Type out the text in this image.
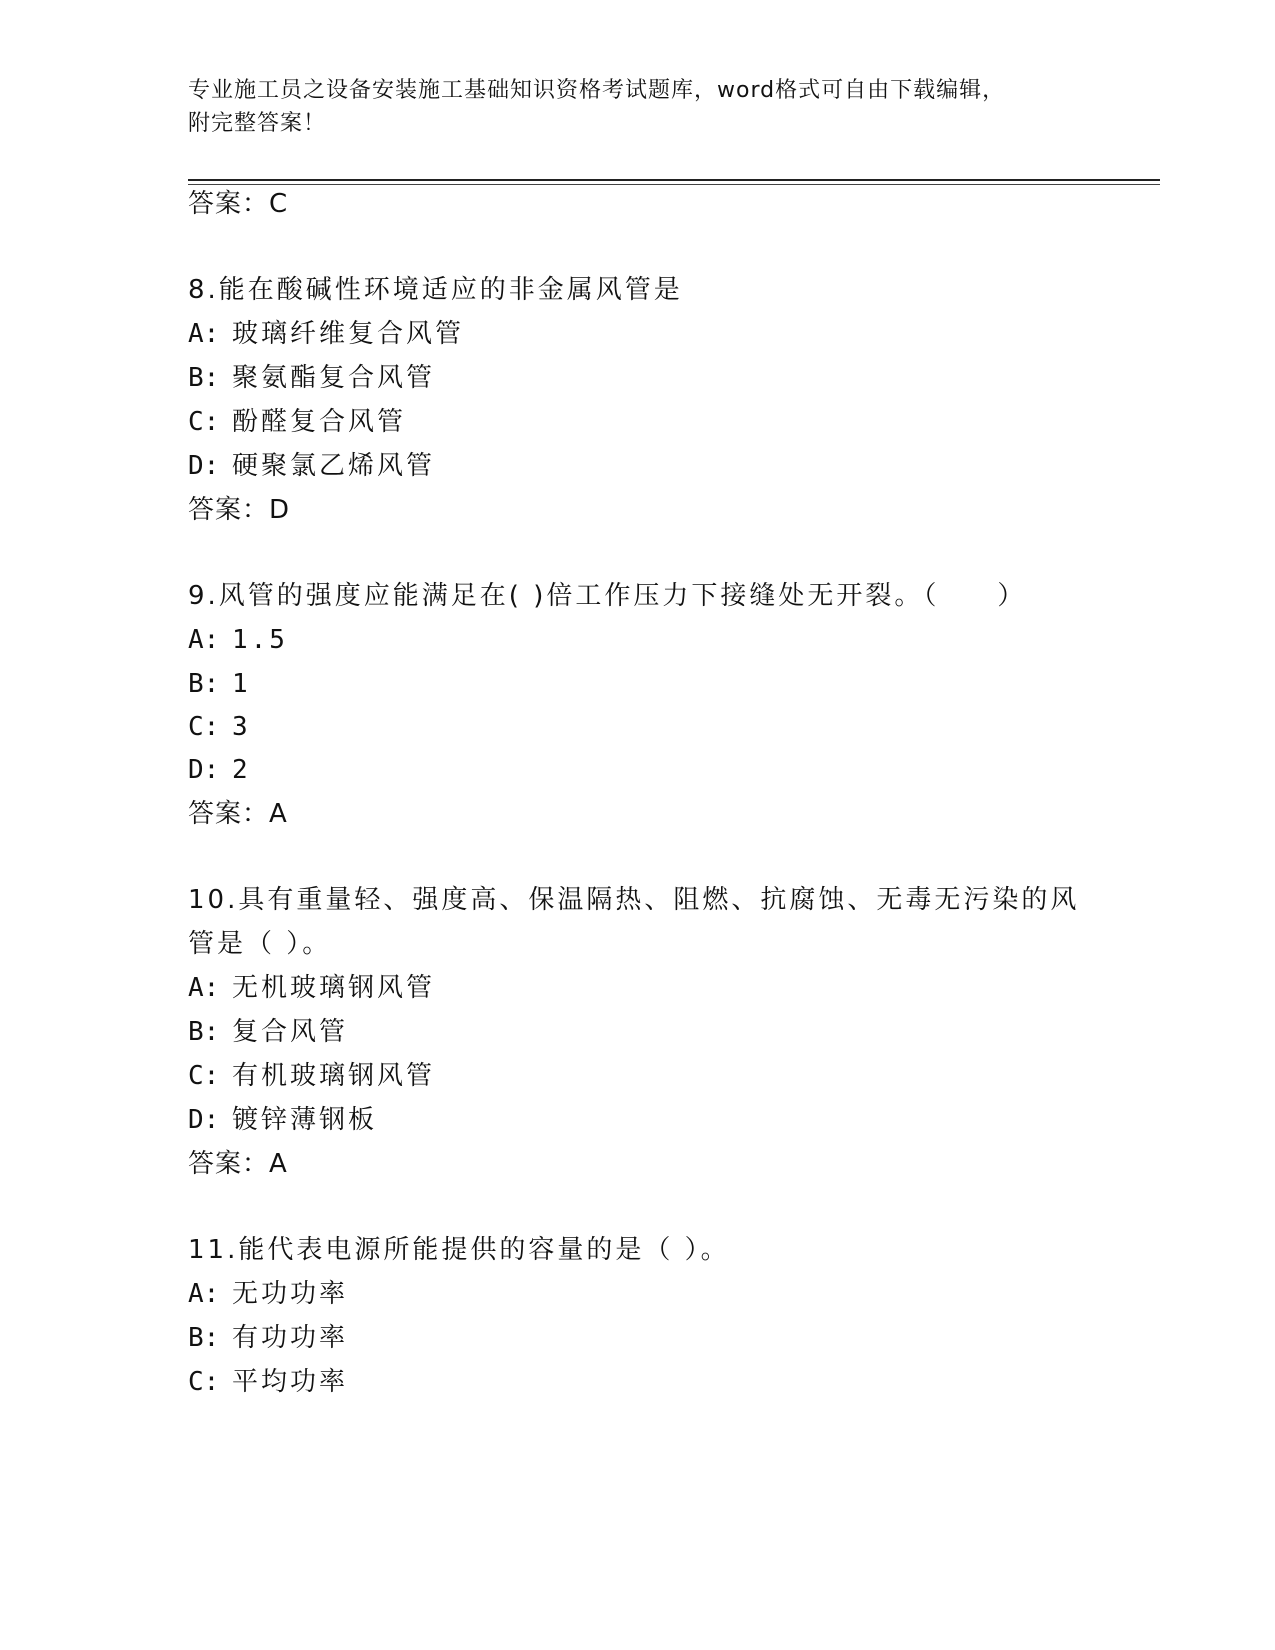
专业施工员之设备安装施工基础知识资格考试题库，word格式可自由下载编辑，
附完整答案！
答案：C
8.能在酸碱性环境适应的非金属风管是
A: 玻璃纤维复合风管
B: 聚氨酯复合风管
C: 酚醛复合风管
D: 硬聚氯乙烯风管
答案：D
9.风管的强度应能满足在( )倍工作压力下接缝处无开裂。（　　）
A: 1.5
B: 1
C: 3
D: 2
答案：A
10.具有重量轻、强度高、保温隔热、阻燃、抗腐蚀、无毒无污染的风
管是（ ）。
A: 无机玻璃钢风管
B: 复合风管
C: 有机玻璃钢风管
D: 镀锌薄钢板
答案：A
11.能代表电源所能提供的容量的是（ ）。
A: 无功功率
B: 有功功率
C: 平均功率
